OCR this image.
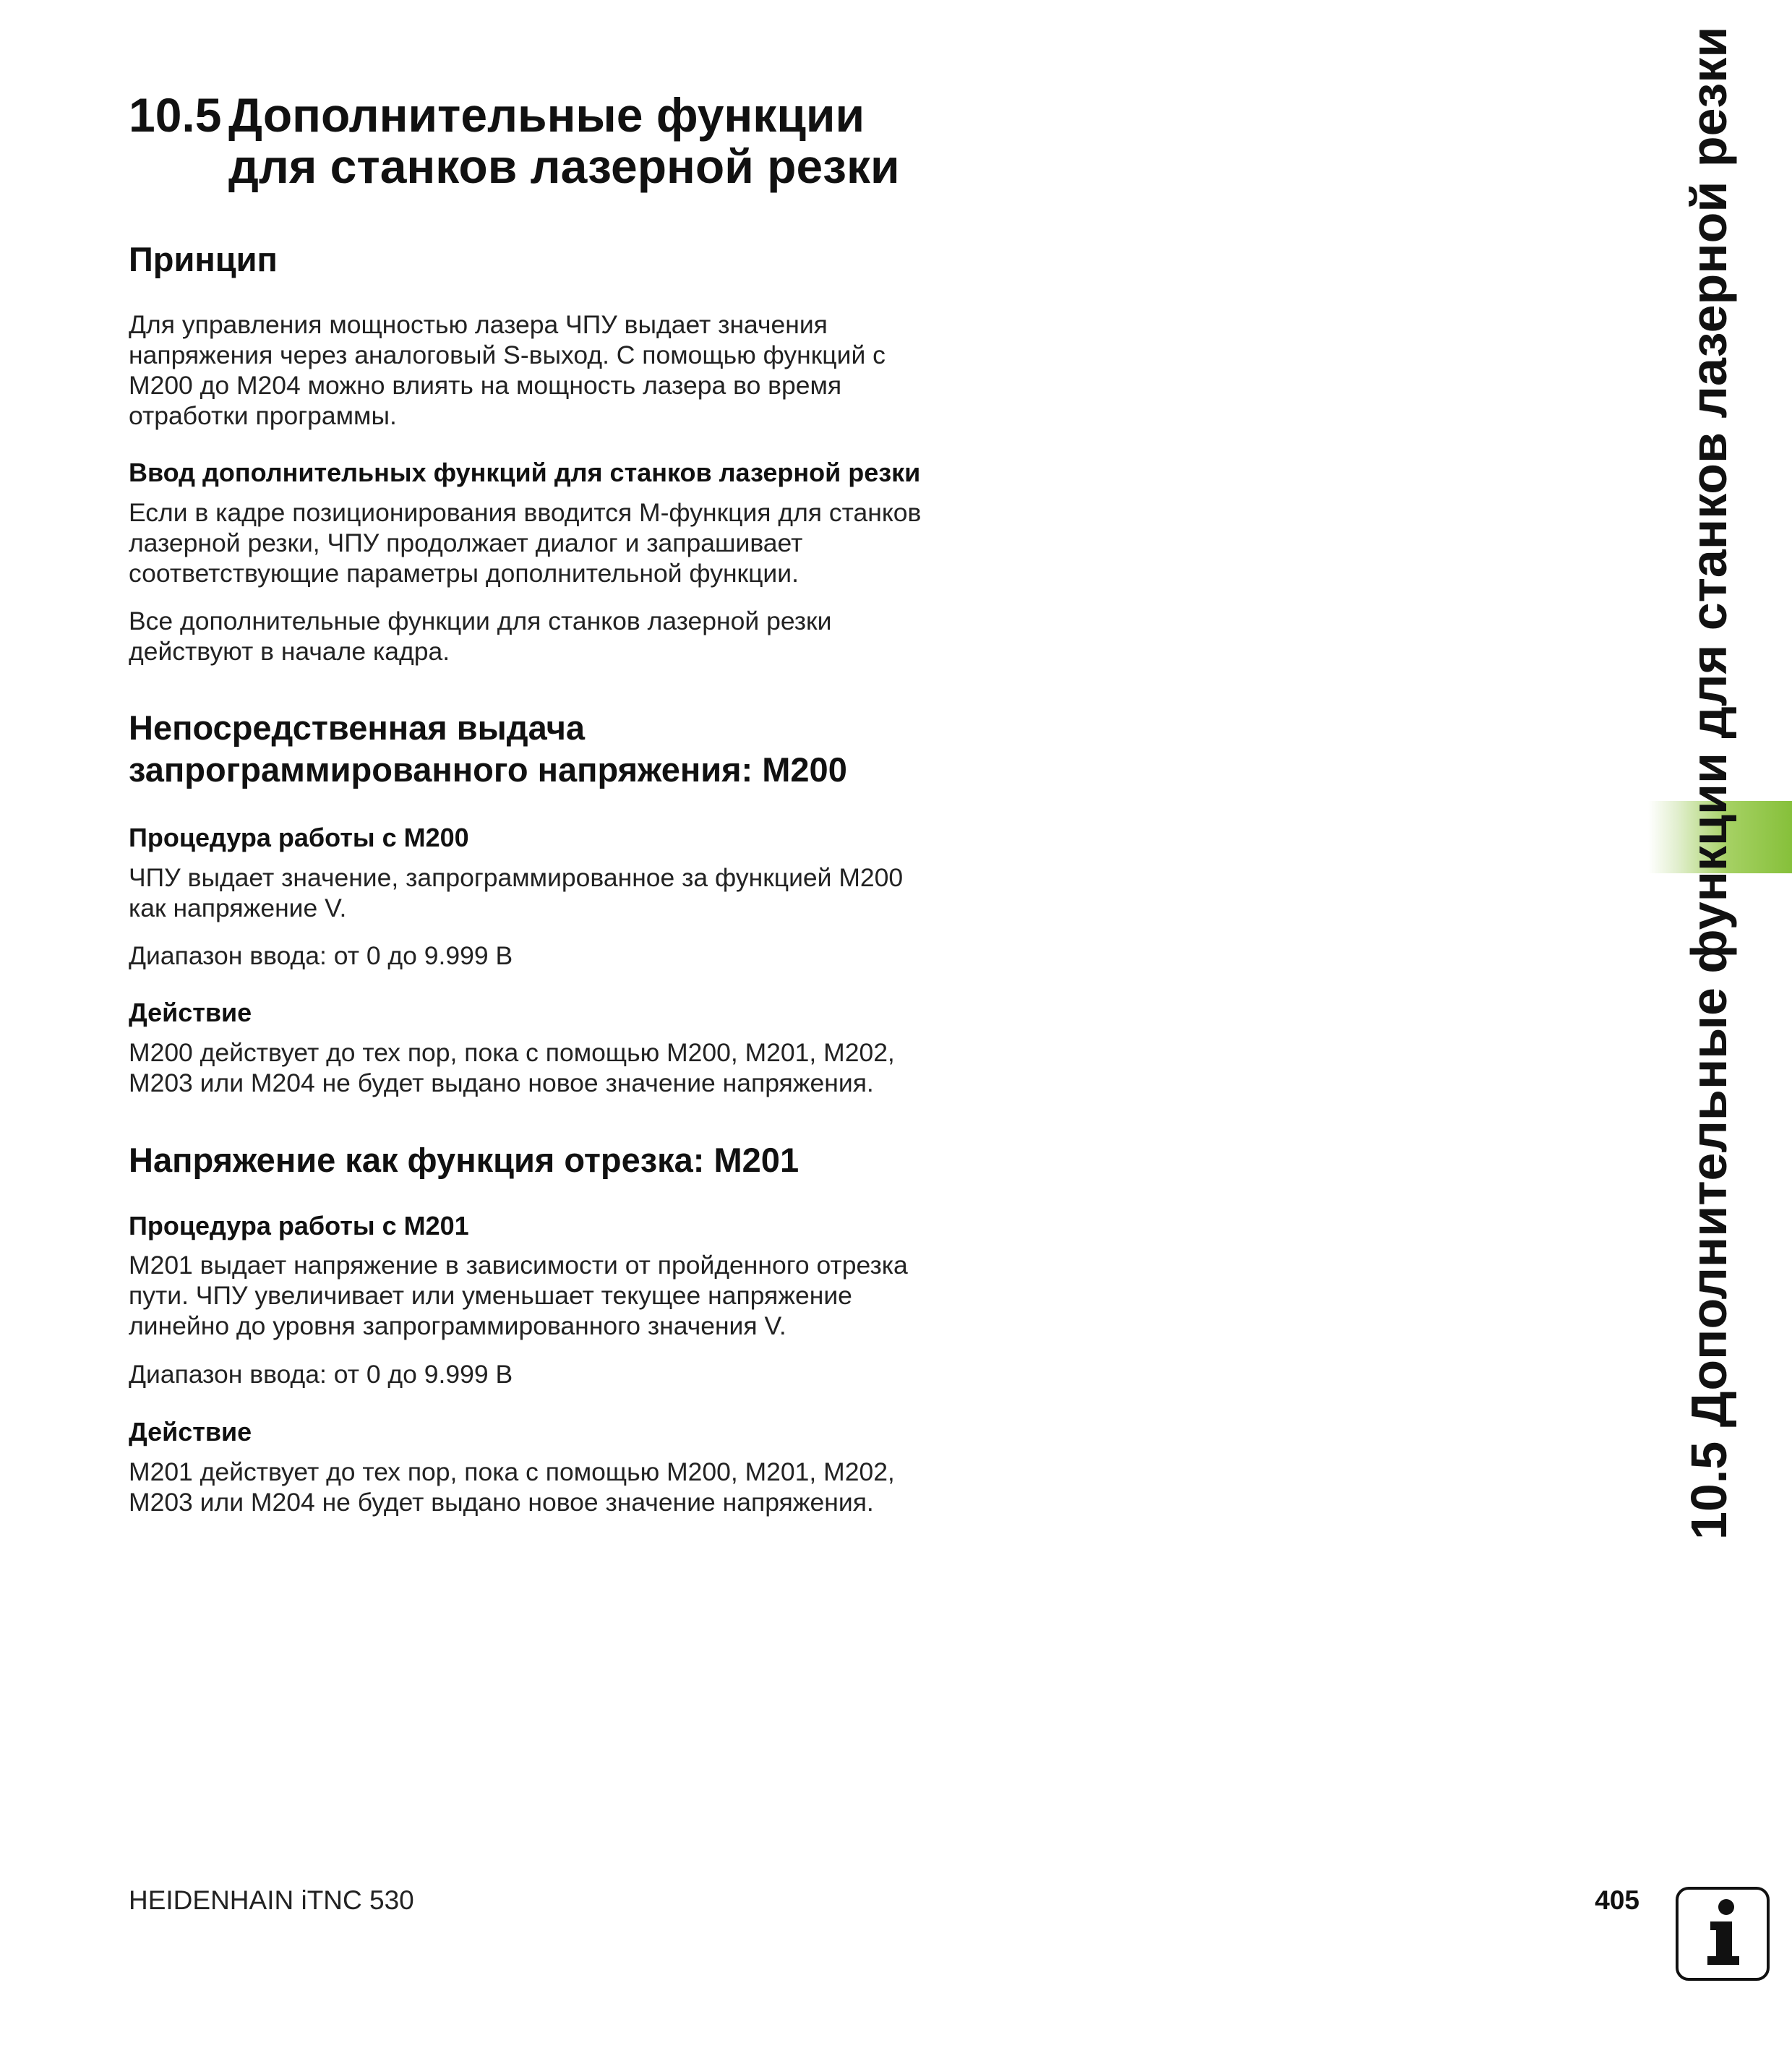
10.5 Дополнительные функции
для станков лазерной резки
Принцип
Для управления мощностью лазера ЧПУ выдает значения
напряжения через аналоговый S-выход. С помощью функций с
M200 до M204 можно влиять на мощность лазера во время
отработки программы.
Ввод дополнительных функций для станков лазерной резки
Если в кадре позиционирования вводится M-функция для станков
лазерной резки, ЧПУ продолжает диалог и запрашивает
соответствующие параметры дополнительной функции.
Все дополнительные функции для станков лазерной резки
действуют в начале кадра.
Непосредственная выдача
запрограммированного напряжения: M200
Процедура работы с M200
ЧПУ выдает значение, запрограммированное за функцией M200
как напряжение V.
Диапазон ввода: от 0 до 9.999 В
Действие
M200 действует до тех пор, пока с помощью M200, M201, M202,
M203 или M204 не будет выдано новое значение напряжения.
Напряжение как функция отрезка: M201
Процедура работы с M201
M201 выдает напряжение в зависимости от пройденного отрезка
пути. ЧПУ увеличивает или уменьшает текущее напряжение
линейно до уровня запрограммированного значения V.
Диапазон ввода: от 0 до 9.999 В
Действие
M201 действует до тех пор, пока с помощью M200, M201, M202,
M203 или M204 не будет выдано новое значение напряжения.	10.5 Дополнительные функции для станков лазерной резки
HEIDENHAIN iTNC 530	405
